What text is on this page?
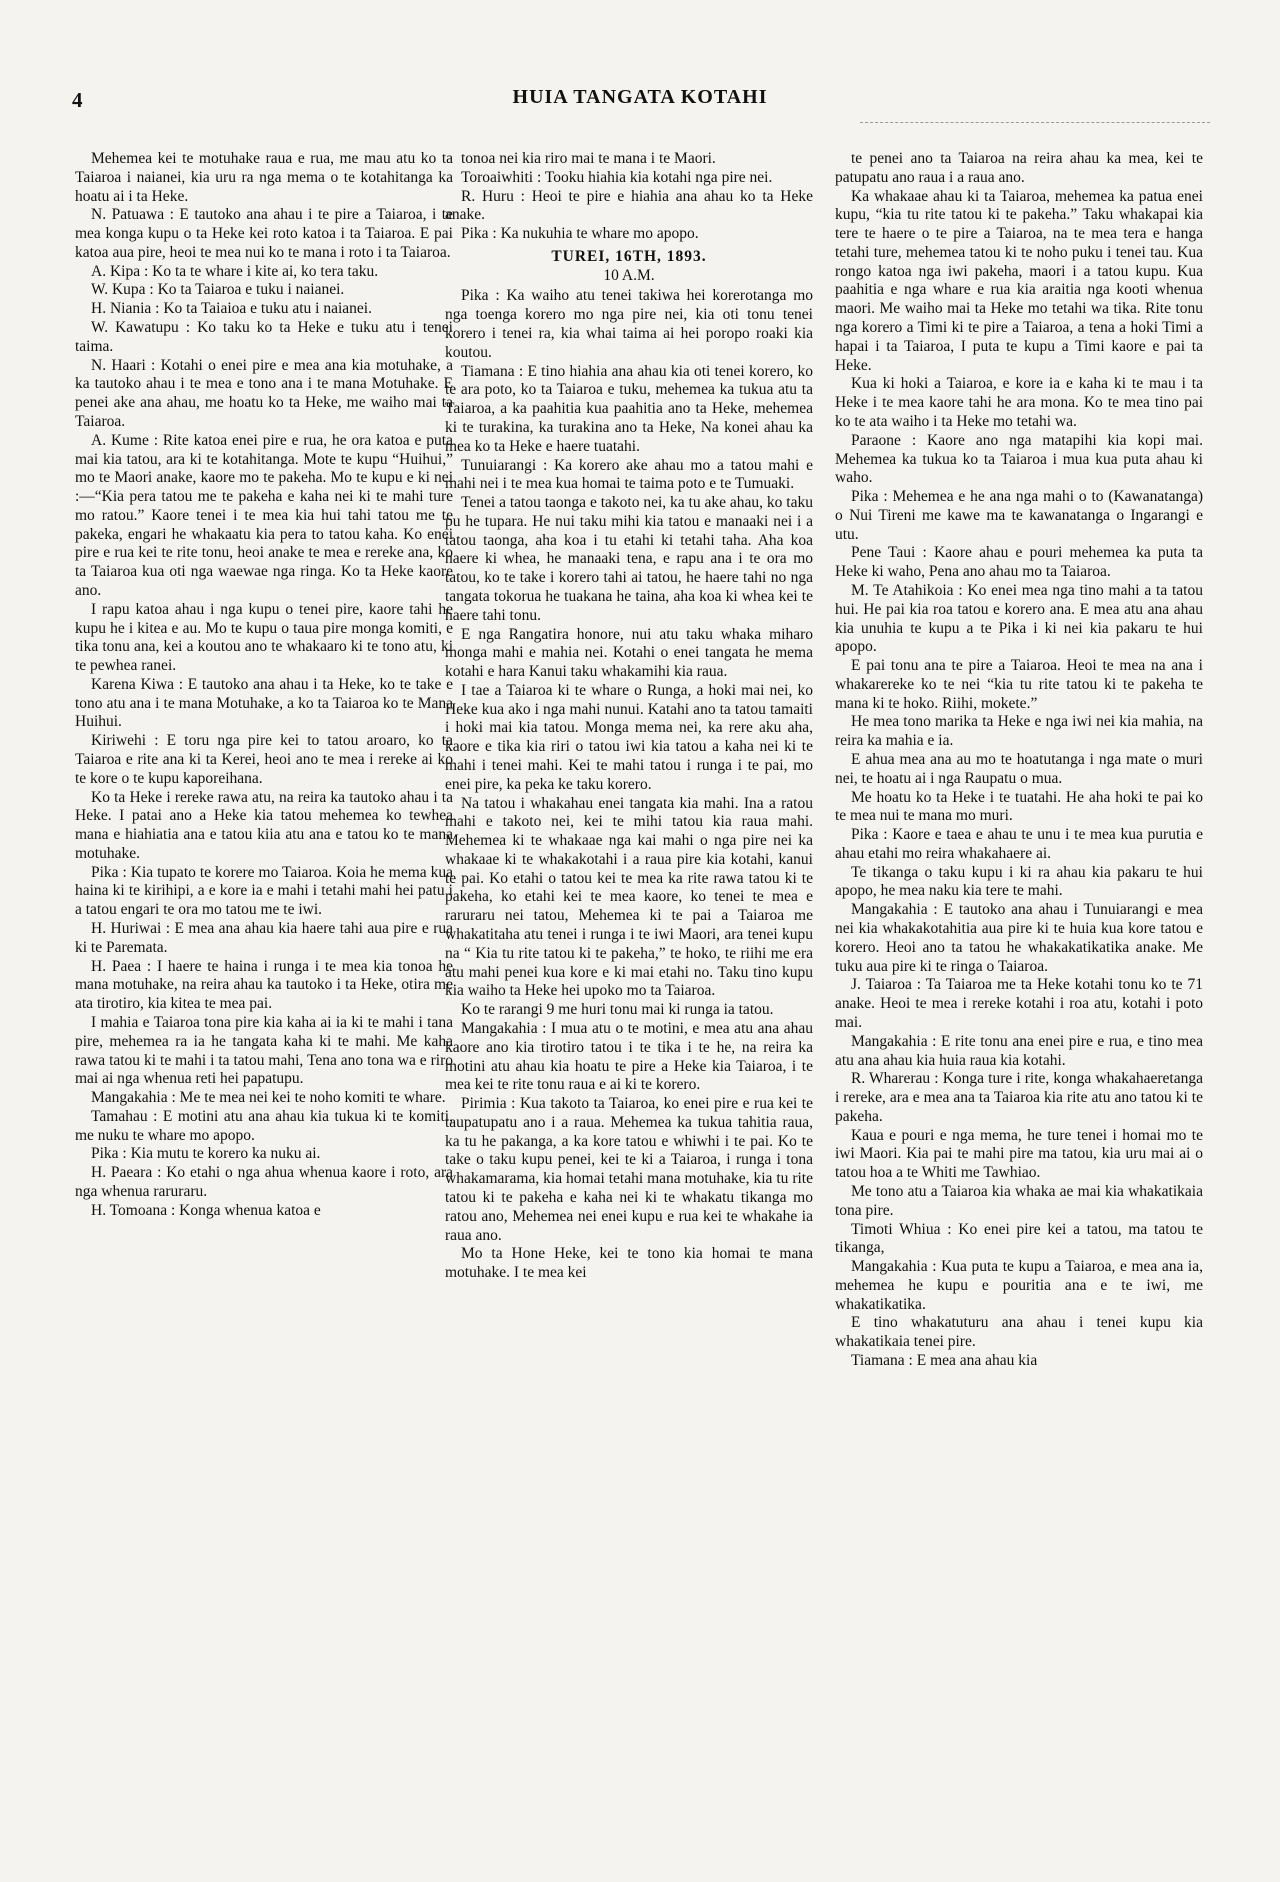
4	HUIA TANGATA KOTAHI

Mehemea kei te motuhake raua e rua, me mau atu ko ta Taiaroa i naianei, kia uru ra nga mema o te kotahitanga ka hoatu ai i ta Heke.

N. Patuawa : E tautoko ana ahau i te pire a Taiaroa, i te mea konga kupu o ta Heke kei roto katoa i ta Taiaroa. E pai katoa aua pire, heoi te mea nui ko te mana i roto i ta Taiaroa.

A. Kipa : Ko ta te whare i kite ai, ko tera taku.

W. Kupa : Ko ta Taiaroa e tuku i naianei.

H. Niania : Ko ta Taiaioa e tuku atu i naianei.

W. Kawatupu : Ko taku ko ta Heke e tuku atu i tenei taima.

N. Haari : Kotahi o enei pire e mea ana kia motuhake, a ka tautoko ahau i te mea e tono ana i te mana Motuhake. E penei ake ana ahau, me hoatu ko ta Heke, me waiho mai ta Taiaroa.

A. Kume : Rite katoa enei pire e rua, he ora katoa e puta mai kia tatou, ara ki te kotahitanga. Mote te kupu “Huihui,” mo te Maori anake, kaore mo te pakeha. Mo te kupu e ki nei :—“Kia pera tatou me te pakeha e kaha nei ki te mahi ture mo ratou.” Kaore tenei i te mea kia hui tahi tatou me te pakeka, engari he whakaatu kia pera to tatou kaha. Ko enei pire e rua kei te rite tonu, heoi anake te mea e rereke ana, ko ta Taiaroa kua oti nga waewae nga ringa. Ko ta Heke kaore ano.

I rapu katoa ahau i nga kupu o tenei pire, kaore tahi he kupu he i kitea e au. Mo te kupu o taua pire monga komiti, e tika tonu ana, kei a koutou ano te whakaaro ki te tono atu, ki te pewhea ranei.

Karena Kiwa : E tautoko ana ahau i ta Heke, ko te take e tono atu ana i te mana Motuhake, a ko ta Taiaroa ko te Mana Huihui.

Kiriwehi : E toru nga pire kei to tatou aroaro, ko ta Taiaroa e rite ana ki ta Kerei, heoi ano te mea i rereke ai ko te kore o te kupu kaporeihana.

Ko ta Heke i rereke rawa atu, na reira ka tautoko ahau i ta Heke. I patai ano a Heke kia tatou mehemea ko tewhea mana e hiahiatia ana e tatou kiia atu ana e tatou ko te mana motuhake.

Pika : Kia tupato te korere mo Taiaroa. Koia he mema kua haina ki te kirihipi, a e kore ia e mahi i tetahi mahi hei patu i a tatou engari te ora mo tatou me te iwi.

H. Huriwai : E mea ana ahau kia haere tahi aua pire e rua ki te Paremata.

H. Paea : I haere te haina i runga i te mea kia tonoa he mana motuhake, na reira ahau ka tautoko i ta Heke, otira me ata tirotiro, kia kitea te mea pai.

I mahia e Taiaroa tona pire kia kaha ai ia ki te mahi i tana pire, mehemea ra ia he tangata kaha ki te mahi. Me kaha rawa tatou ki te mahi i ta tatou mahi, Tena ano tona wa e riro mai ai nga whenua reti hei papatupu.

Mangakahia : Me te mea nei kei te noho komiti te whare.

Tamahau : E motini atu ana ahau kia tukua ki te komiti, me nuku te whare mo apopo.

Pika : Kia mutu te korero ka nuku ai.

H. Paeara : Ko etahi o nga ahua whenua kaore i roto, ara nga whenua raruraru.

H. Tomoana : Konga whenua katoa e

tonoa nei kia riro mai te mana i te Maori.

Toroaiwhiti : Tooku hiahia kia kotahi nga pire nei.

R. Huru : Heoi te pire e hiahia ana ahau ko ta Heke anake.

Pika : Ka nukuhia te whare mo apopo.

TUREI, 16TH, 1893.

10 A.M.

Pika : Ka waiho atu tenei takiwa hei korerotanga mo nga toenga korero mo nga pire nei, kia oti tonu tenei korero i tenei ra, kia whai taima ai hei poropo roaki kia koutou.

Tiamana : E tino hiahia ana ahau kia oti tenei korero, ko te ara poto, ko ta Taiaroa e tuku, mehemea ka tukua atu ta Taiaroa, a ka paahitia kua paahitia ano ta Heke, mehemea ki te turakina, ka turakina ano ta Heke, Na konei ahau ka mea ko ta Heke e haere tuatahi.

Tunuiarangi : Ka korero ake ahau mo a tatou mahi e mahi nei i te mea kua homai te taima poto e te Tumuaki.

Tenei a tatou taonga e takoto nei, ka tu ake ahau, ko taku pu he tupara. He nui taku mihi kia tatou e manaaki nei i a tatou taonga, aha koa i tu etahi ki tetahi taha. Aha koa haere ki whea, he manaaki tena, e rapu ana i te ora mo tatou, ko te take i korero tahi ai tatou, he haere tahi no nga tangata tokorua he tuakana he taina, aha koa ki whea kei te haere tahi tonu.

E nga Rangatira honore, nui atu taku whaka miharo monga mahi e mahia nei. Kotahi o enei tangata he mema kotahi e hara Kanui taku whakamihi kia raua.

I tae a Taiaroa ki te whare o Runga, a hoki mai nei, ko Heke kua ako i nga mahi nunui. Katahi ano ta tatou tamaiti i hoki mai kia tatou. Monga mema nei, ka rere aku aha, kaore e tika kia riri o tatou iwi kia tatou a kaha nei ki te mahi i tenei mahi. Kei te mahi tatou i runga i te pai, mo enei pire, ka peka ke taku korero.

Na tatou i whakahau enei tangata kia mahi. Ina a ratou mahi e takoto nei, kei te mihi tatou kia raua mahi. Mehemea ki te whakaae nga kai mahi o nga pire nei ka whakaae ki te whakakotahi i a raua pire kia kotahi, kanui te pai. Ko etahi o tatou kei te mea ka rite rawa tatou ki te pakeha, ko etahi kei te mea kaore, ko tenei te mea e raruraru nei tatou, Mehemea ki te pai a Taiaroa me whakatitaha atu tenei i runga i te iwi Maori, ara tenei kupu na “ Kia tu rite tatou ki te pakeha,” te hoko, te riihi me era atu mahi penei kua kore e ki mai etahi no. Taku tino kupu kia waiho ta Heke hei upoko mo ta Taiaroa.

Ko te rarangi 9 me huri tonu mai ki runga ia tatou.

Mangakahia : I mua atu o te motini, e mea atu ana ahau kaore ano kia tirotiro tatou i te tika i te he, na reira ka motini atu ahau kia hoatu te pire a Heke kia Taiaroa, i te mea kei te rite tonu raua e ai ki te korero.

Pirimia : Kua takoto ta Taiaroa, ko enei pire e rua kei te taupatupatu ano i a raua. Mehemea ka tukua tahitia raua, ka tu he pakanga, a ka kore tatou e whiwhi i te pai. Ko te take o taku kupu penei, kei te ki a Taiaroa, i runga i tona whakamarama, kia homai tetahi mana motuhake, kia tu rite tatou ki te pakeha e kaha nei ki te whakatu tikanga mo ratou ano, Mehemea nei enei kupu e rua kei te whakahe ia raua ano.

Mo ta Hone Heke, kei te tono kia homai te mana motuhake. I te mea kei

te penei ano ta Taiaroa na reira ahau ka mea, kei te patupatu ano raua i a raua ano.

Ka whakaae ahau ki ta Taiaroa, mehemea ka patua enei kupu, “kia tu rite tatou ki te pakeha.” Taku whakapai kia tere te haere o te pire a Taiaroa, na te mea tera e hanga tetahi ture, mehemea tatou ki te noho puku i tenei tau. Kua rongo katoa nga iwi pakeha, maori i a tatou kupu. Kua paahitia e nga whare e rua kia araitia nga kooti whenua maori. Me waiho mai ta Heke mo tetahi wa tika. Rite tonu nga korero a Timi ki te pire a Taiaroa, a tena a hoki Timi a hapai i ta Taiaroa, I puta te kupu a Timi kaore e pai ta Heke.

Kua ki hoki a Taiaroa, e kore ia e kaha ki te mau i ta Heke i te mea kaore tahi he ara mona. Ko te mea tino pai ko te ata waiho i ta Heke mo tetahi wa.

Paraone : Kaore ano nga matapihi kia kopi mai. Mehemea ka tukua ko ta Taiaroa i mua kua puta ahau ki waho.

Pika : Mehemea e he ana nga mahi o to (Kawanatanga) o Nui Tireni me kawe ma te kawanatanga o Ingarangi e utu.

Pene Taui : Kaore ahau e pouri mehemea ka puta ta Heke ki waho, Pena ano ahau mo ta Taiaroa.

M. Te Atahikoia : Ko enei mea nga tino mahi a ta tatou hui. He pai kia roa tatou e korero ana. E mea atu ana ahau kia unuhia te kupu a te Pika i ki nei kia pakaru te hui apopo.

E pai tonu ana te pire a Taiaroa. Heoi te mea na ana i whakarereke ko te nei “kia tu rite tatou ki te pakeha te mana ki te hoko. Riihi, mokete.”

He mea tono marika ta Heke e nga iwi nei kia mahia, na reira ka mahia e ia.

E ahua mea ana au mo te hoatutanga i nga mate o muri nei, te hoatu ai i nga Raupatu o mua.

Me hoatu ko ta Heke i te tuatahi. He aha hoki te pai ko te mea nui te mana mo muri.

Pika : Kaore e taea e ahau te unu i te mea kua purutia e ahau etahi mo reira whakahaere ai.

Te tikanga o taku kupu i ki ra ahau kia pakaru te hui apopo, he mea naku kia tere te mahi.

Mangakahia : E tautoko ana ahau i Tunuiarangi e mea nei kia whakakotahitia aua pire ki te huia kua kore tatou e korero. Heoi ano ta tatou he whakakatikatika anake. Me tuku aua pire ki te ringa o Taiaroa.

J. Taiaroa : Ta Taiaroa me ta Heke kotahi tonu ko te 71 anake. Heoi te mea i rereke kotahi i roa atu, kotahi i poto mai.

Mangakahia : E rite tonu ana enei pire e rua, e tino mea atu ana ahau kia huia raua kia kotahi.

R. Wharerau : Konga ture i rite, konga whakahaeretanga i rereke, ara e mea ana ta Taiaroa kia rite atu ano tatou ki te pakeha.

Kaua e pouri e nga mema, he ture tenei i homai mo te iwi Maori. Kia pai te mahi pire ma tatou, kia uru mai ai o tatou hoa a te Whiti me Tawhiao.

Me tono atu a Taiaroa kia whaka ae mai kia whakatikaia tona pire.

Timoti Whiua : Ko enei pire kei a tatou, ma tatou te tikanga,

Mangakahia : Kua puta te kupu a Taiaroa, e mea ana ia, mehemea he kupu e pouritia ana e te iwi, me whakatikatika.

E tino whakatuturu ana ahau i tenei kupu kia whakatikaia tenei pire.

Tiamana : E mea ana ahau kia
